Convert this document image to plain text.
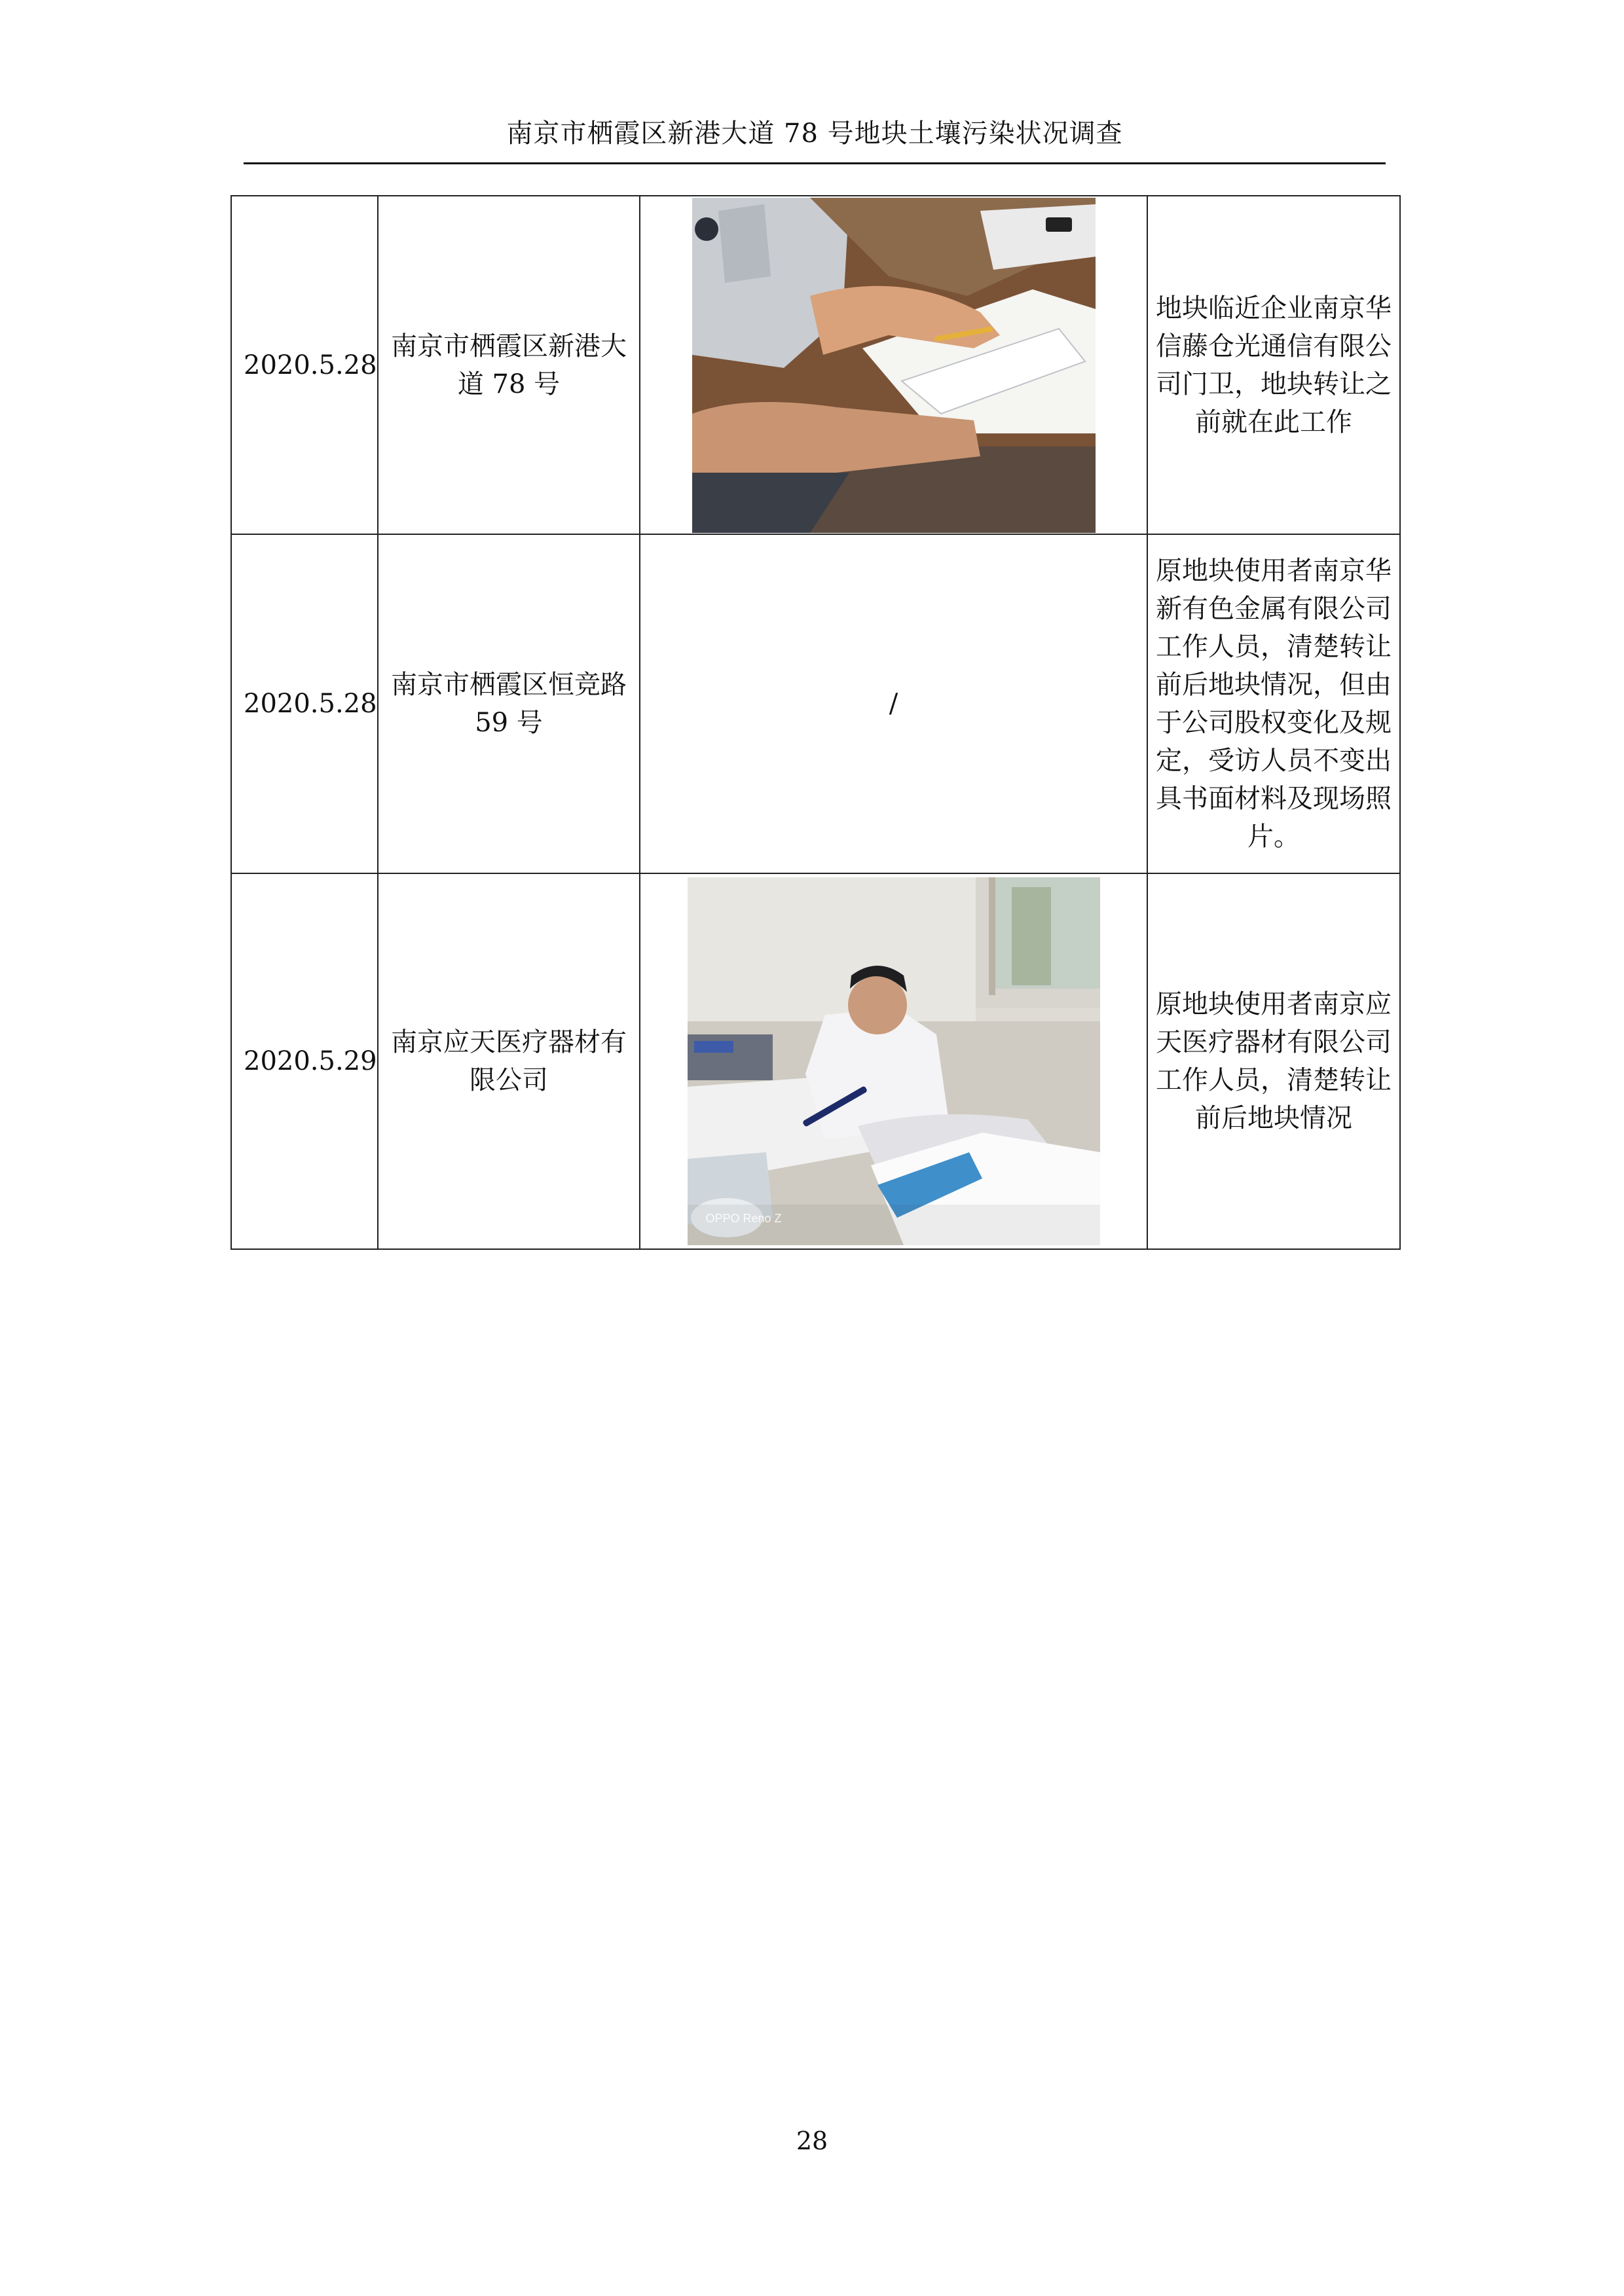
南京市栖霞区新港大道 78 号地块土壤污染状况调查
2020.5.28	南京市栖霞区新港大道 78 号		地块临近企业南京华信藤仓光通信有限公司门卫，地块转让之前就在此工作

2020.5.28	南京市栖霞区恒竞路 59 号	/	原地块使用者南京华新有色金属有限公司工作人员，清楚转让前后地块情况，但由于公司股权变化及规定，受访人员不变出具书面材料及现场照片。

2020.5.29	南京应天医疗器材有限公司	OPPO Reno Z	原地块使用者南京应天医疗器材有限公司工作人员，清楚转让前后地块情况
28
